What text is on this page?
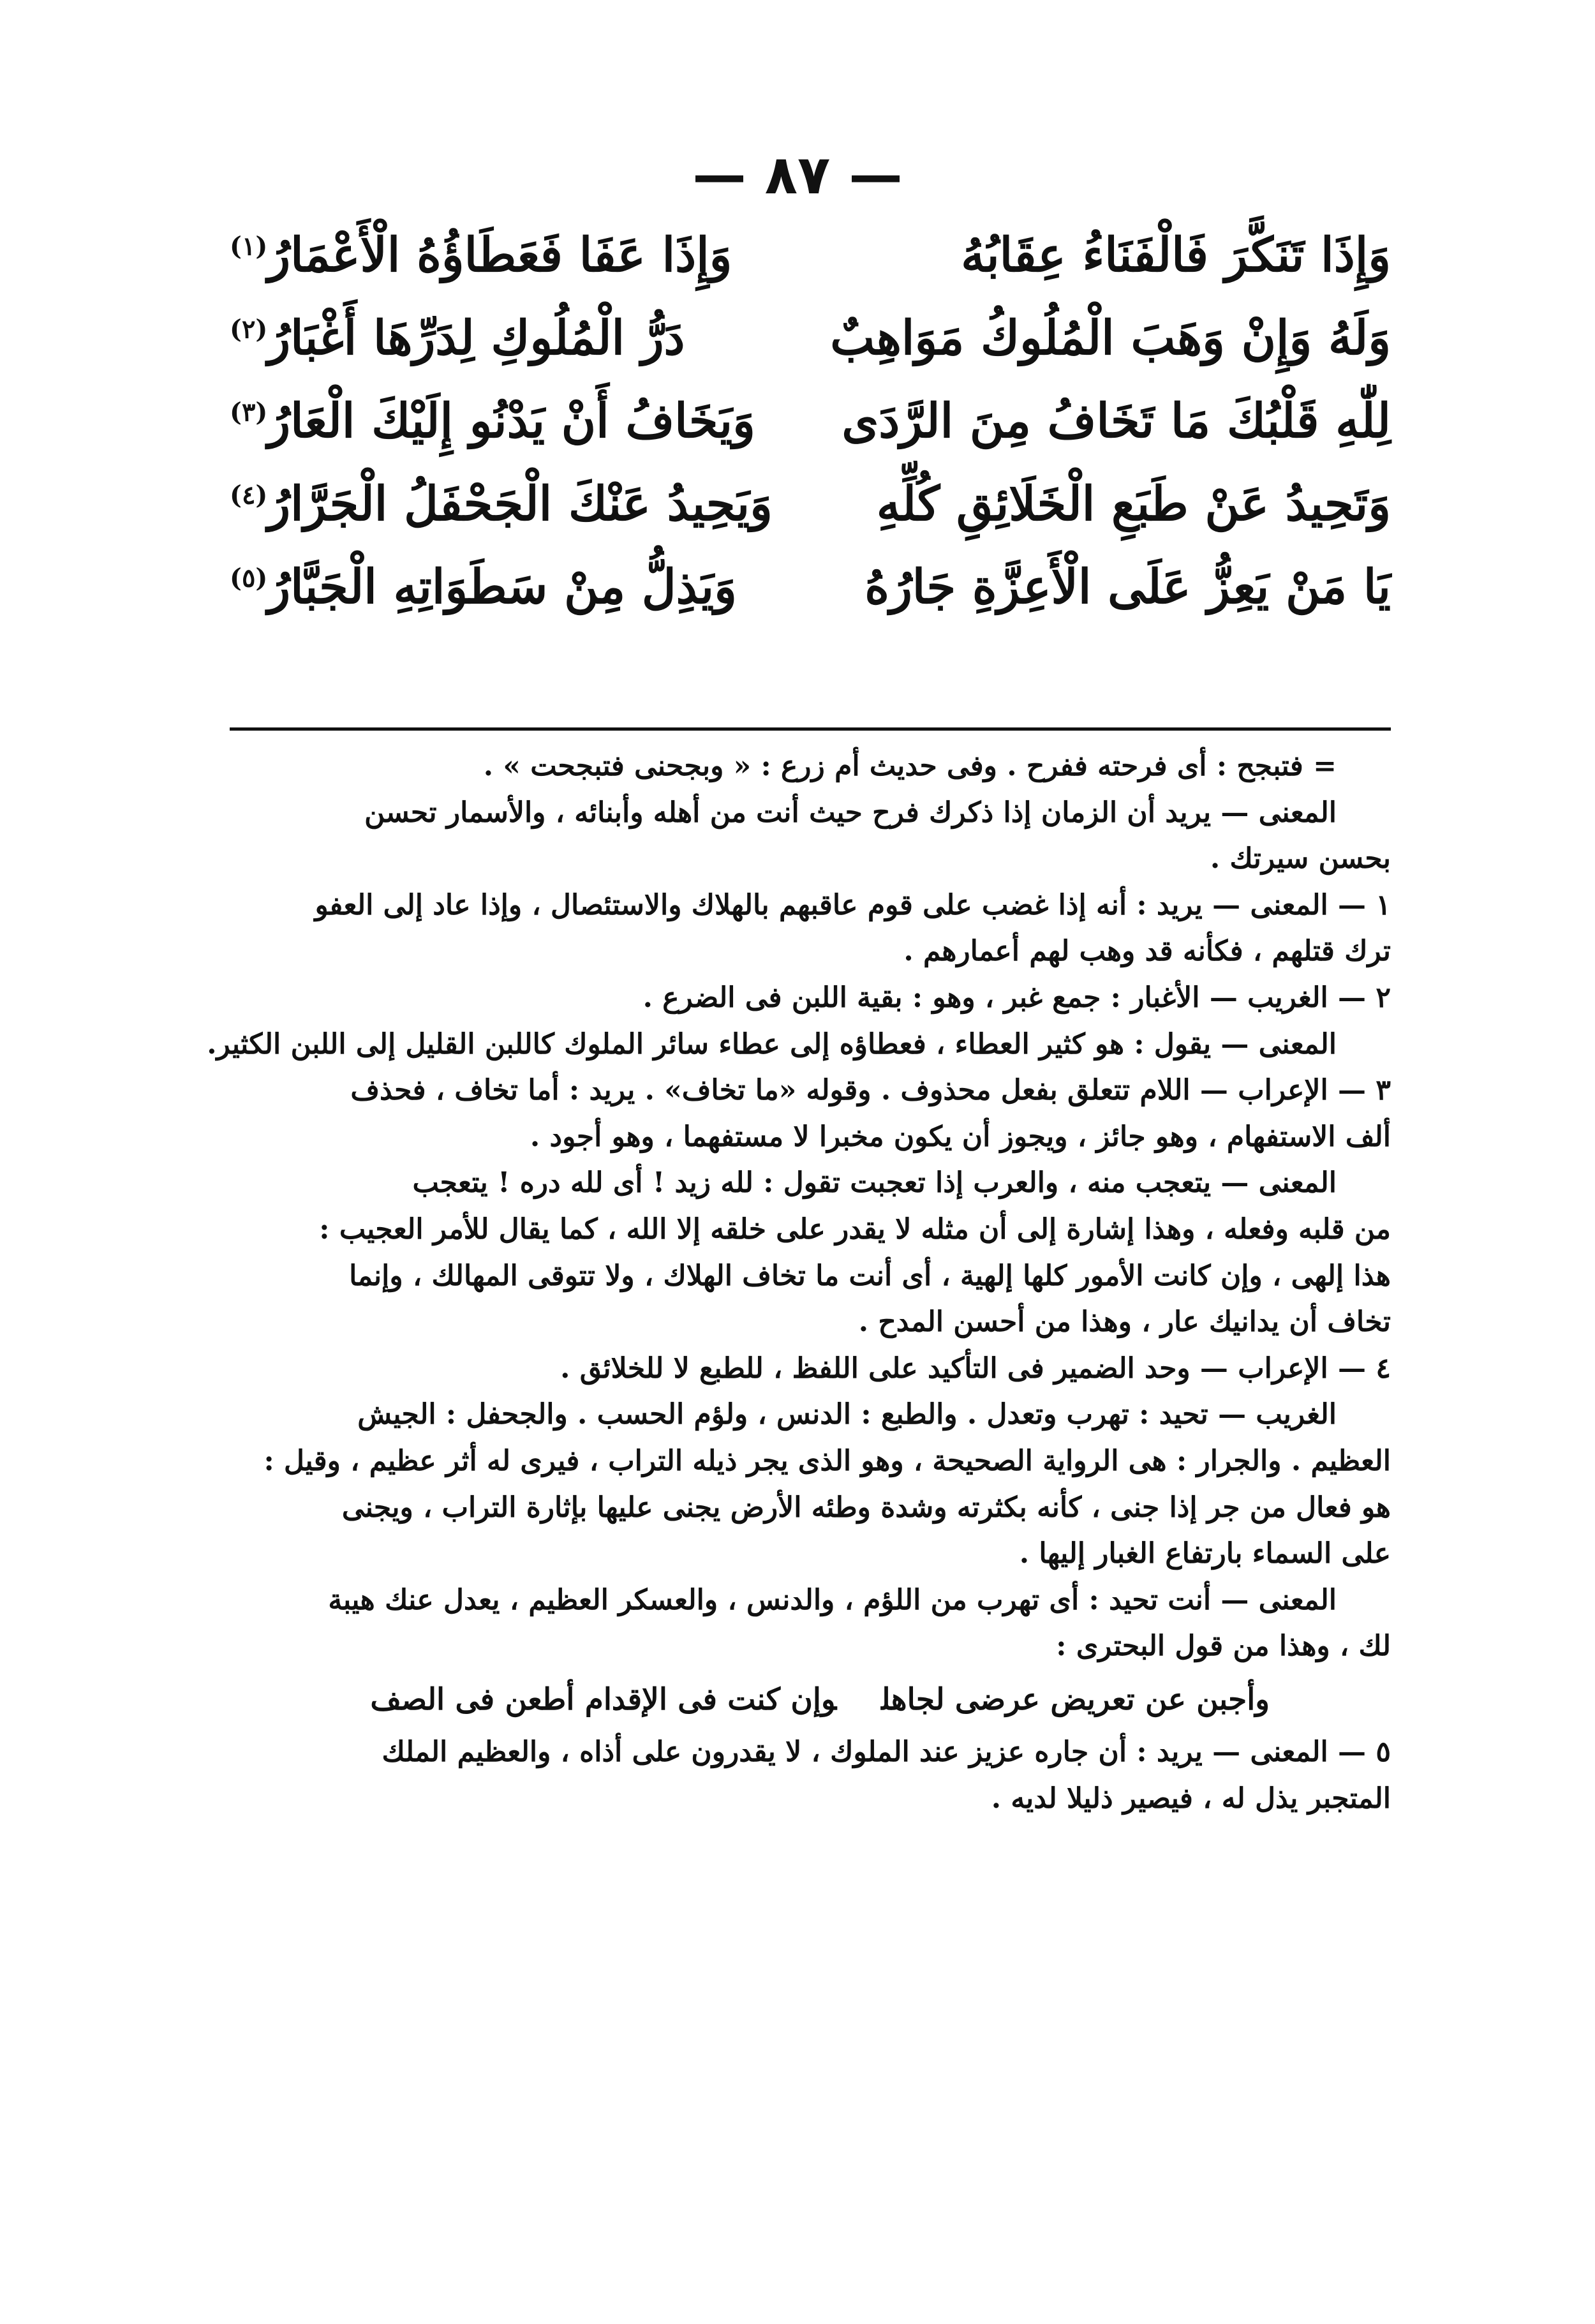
— ٨٧ —
وَإِذَا تَنَكَّرَ فَالْفَنَاءُ عِقَابُهُ
وَإِذَا عَفَا فَعَطَاؤُهُ الْأَعْمَارُ$^{(١)}$
وَلَهُ وَإِنْ وَهَبَ الْمُلُوكُ مَوَاهِبٌ
دَرُّ الْمُلُوكِ لِدَرِّهَا أَغْبَارُ$^{(٢)}$
لِلّٰهِ قَلْبُكَ مَا تَخَافُ مِنَ الرَّدَى
وَيَخَافُ أَنْ يَدْنُو إِلَيْكَ الْعَارُ$^{(٣)}$
وَتَحِيدُ عَنْ طَبَعِ الْخَلَائِقِ كُلِّهِ
وَيَحِيدُ عَنْكَ الْجَحْفَلُ الْجَرَّارُ$^{(٤)}$
يَا مَنْ يَعِزُّ عَلَى الْأَعِزَّةِ جَارُهُ
وَيَذِلُّ مِنْ سَطَوَاتِهِ الْجَبَّارُ$^{(٥)}$

= فتبجح : أى فرحته ففرح . وفى حديث أم زرع : « وبجحنى فتبجحت » .

المعنى — يريد أن الزمان إذا ذكرك فرح حيث أنت من أهله وأبنائه ، والأسمار تحسن

بحسن سيرتك .

١ — المعنى — يريد : أنه إذا غضب على قوم عاقبهم بالهلاك والاستئصال ، وإذا عاد إلى العفو

ترك قتلهم ، فكأنه قد وهب لهم أعمارهم .

٢ — الغريب — الأغبار : جمع غبر ، وهو : بقية اللبن فى الضرع .

المعنى — يقول : هو كثير العطاء ، فعطاؤه إلى عطاء سائر الملوك كاللبن القليل إلى اللبن الكثير.

٣ — الإعراب — اللام تتعلق بفعل محذوف . وقوله «ما تخاف» . يريد : أما تخاف ، فحذف

ألف الاستفهام ، وهو جائز ، ويجوز أن يكون مخبرا لا مستفهما ، وهو أجود .

المعنى — يتعجب منه ، والعرب إذا تعجبت تقول : لله زيد ! أى لله دره ! يتعجب

من قلبه وفعله ، وهذا إشارة إلى أن مثله لا يقدر على خلقه إلا الله ، كما يقال للأمر العجيب :

هذا إلهى ، وإن كانت الأمور كلها إلهية ، أى أنت ما تخاف الهلاك ، ولا تتوقى المهالك ، وإنما

تخاف أن يدانيك عار ، وهذا من أحسن المدح .

٤ — الإعراب — وحد الضمير فى التأكيد على اللفظ ، للطبع لا للخلائق .

الغريب — تحيد : تهرب وتعدل . والطبع : الدنس ، ولؤم الحسب . والجحفل : الجيش

العظيم . والجرار : هى الرواية الصحيحة ، وهو الذى يجر ذيله التراب ، فيرى له أثر عظيم ، وقيل :

هو فعال من جر إذا جنى ، كأنه بكثرته وشدة وطئه الأرض يجنى عليها بإثارة التراب ، ويجنى

على السماء بارتفاع الغبار إليها .

المعنى — أنت تحيد : أى تهرب من اللؤم ، والدنس ، والعسكر العظيم ، يعدل عنك هيبة

لك ، وهذا من قول البحترى :

وأجبن عن تعريض عرضى لجاهلوإن كنت فى الإقدام أطعن فى الصف

٥ — المعنى — يريد : أن جاره عزيز عند الملوك ، لا يقدرون على أذاه ، والعظيم الملك

المتجبر يذل له ، فيصير ذليلا لديه .
